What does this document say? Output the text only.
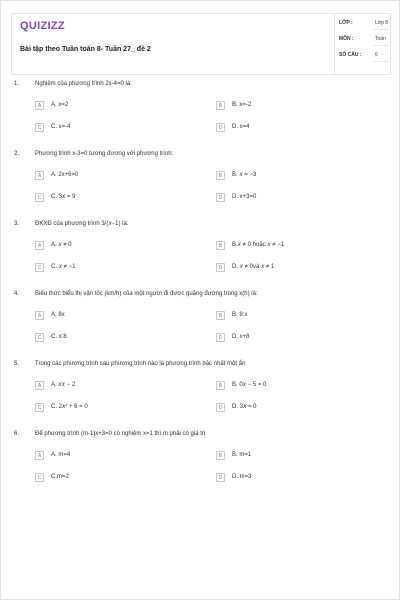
QUIZIZZ
Bài tập theo Tuần toán 8- Tuần 27_ đề 2
LỚP :	Lớp 8
MÔN :	Toán
SỐ CÂU :	6
1.	Nghiệm của phương trình 2x-4=0 là:
A	A. x=2	B	B. x=-2
C	C. x=-4	D	D. x=4
2.	Phương trình x-3=0 tương đương với phương trình:
A	A. 2x+6=0	B	B. 𝑥 = −3
C	C. 3𝑥 = 9	D	D. x+3=0
3.	ĐKXĐ của phương trình 3/(𝑥−1) là:
A	A. 𝑥 ≠ 0	B	B.𝑥 ≠ 0 hoặc 𝑥 ≠ −1
C	C. 𝑥 ≠ −1	D	D. 𝑥 ≠ 0và 𝑥 ≠ 1
4.	Biểu thức biểu thị vận tốc (km/h) của một người đi được quãng đường trong x(h) là:
A	A. 8x	B	B. 8:x
C	C. x:8	D	D. x+8
5.	Trong các phương trình sau phương trình nào là phương trình bậc nhất một ẩn
A	A. 𝑥𝑥 − 2	B	B. 0𝑥 − 5 = 0
C	C. 2𝑥² + 6 = 0	D	D. 3𝑥 = 0
6.	Để phương trình (m-1)x+3=0 có nghiệm x=1 thì m phải có giá trị
A	A. m=4	B	B. m=1
C	C.m=2	D	D. m=3
